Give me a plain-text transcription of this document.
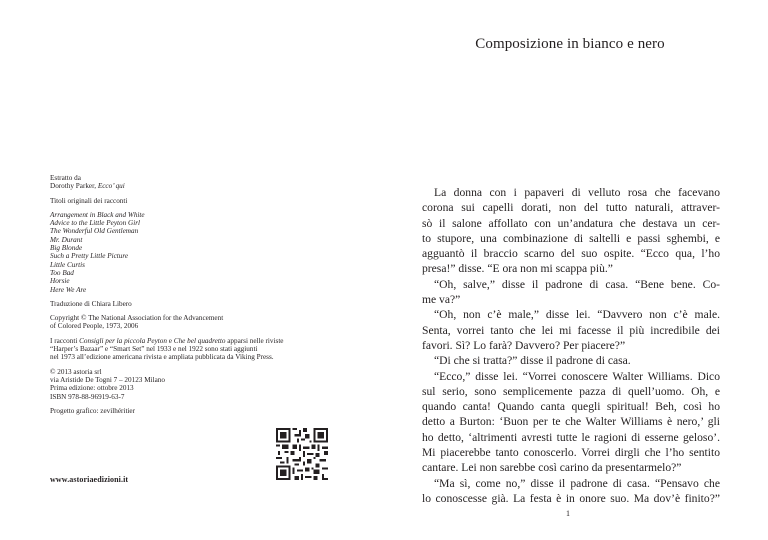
Estratto da
Dorothy Parker, Ecco’ qui
Titoli originali dei racconti
Arrangement in Black and White
Advice to the Little Peyton Girl
The Wonderful Old Gentleman
Mr. Durant
Big Blonde
Such a Pretty Little Picture
Little Curtis
Too Bad
Horsie
Here We Are
Traduzione di Chiara Libero
Copyright © The National Association for the Advancement
of Colored People, 1973, 2006
I racconti Consigli per la piccola Peyton e Che bel quadretto apparsi nelle riviste
“Harper’s Bazaar” e “Smart Set” nel 1933 e nel 1922 sono stati aggiunti
nel 1973 all’edizione americana rivista e ampliata pubblicata da Viking Press.
© 2013 astoria srl
via Aristide De Togni 7 – 20123 Milano
Prima edizione: ottobre 2013
ISBN 978-88-96919-63-7
Progetto grafico: zevilhéritier
www.astoriaedizioni.it
Composizione in bianco e nero
La donna con i papaveri di velluto rosa che facevano
corona sui capelli dorati, non del tutto naturali, attraver-
sò il salone affollato con un’andatura che destava un cer-
to stupore, una combinazione di saltelli e passi sghembi, e
agguantò il braccio scarno del suo ospite. “Ecco qua, l’ho
presa!” disse. “E ora non mi scappa più.”
“Oh, salve,” disse il padrone di casa. “Bene bene. Co-
me va?”
“Oh, non c’è male,” disse lei. “Davvero non c’è male.
Senta, vorrei tanto che lei mi facesse il più incredibile dei
favori. Sì? Lo farà? Davvero? Per piacere?”
“Di che si tratta?” disse il padrone di casa.
“Ecco,” disse lei. “Vorrei conoscere Walter Williams. Dico
sul serio, sono semplicemente pazza di quell’uomo. Oh, e
quando canta! Quando canta quegli spiritual! Beh, così ho
detto a Burton: ‘Buon per te che Walter Williams è nero,’ gli
ho detto, ‘altrimenti avresti tutte le ragioni di esserne geloso’.
Mi piacerebbe tanto conoscerlo. Vorrei dirgli che l’ho sentito
cantare. Lei non sarebbe così carino da presentarmelo?”
“Ma sì, come no,” disse il padrone di casa. “Pensavo che
lo conoscesse già. La festa è in onore suo. Ma dov’è finito?”
1
